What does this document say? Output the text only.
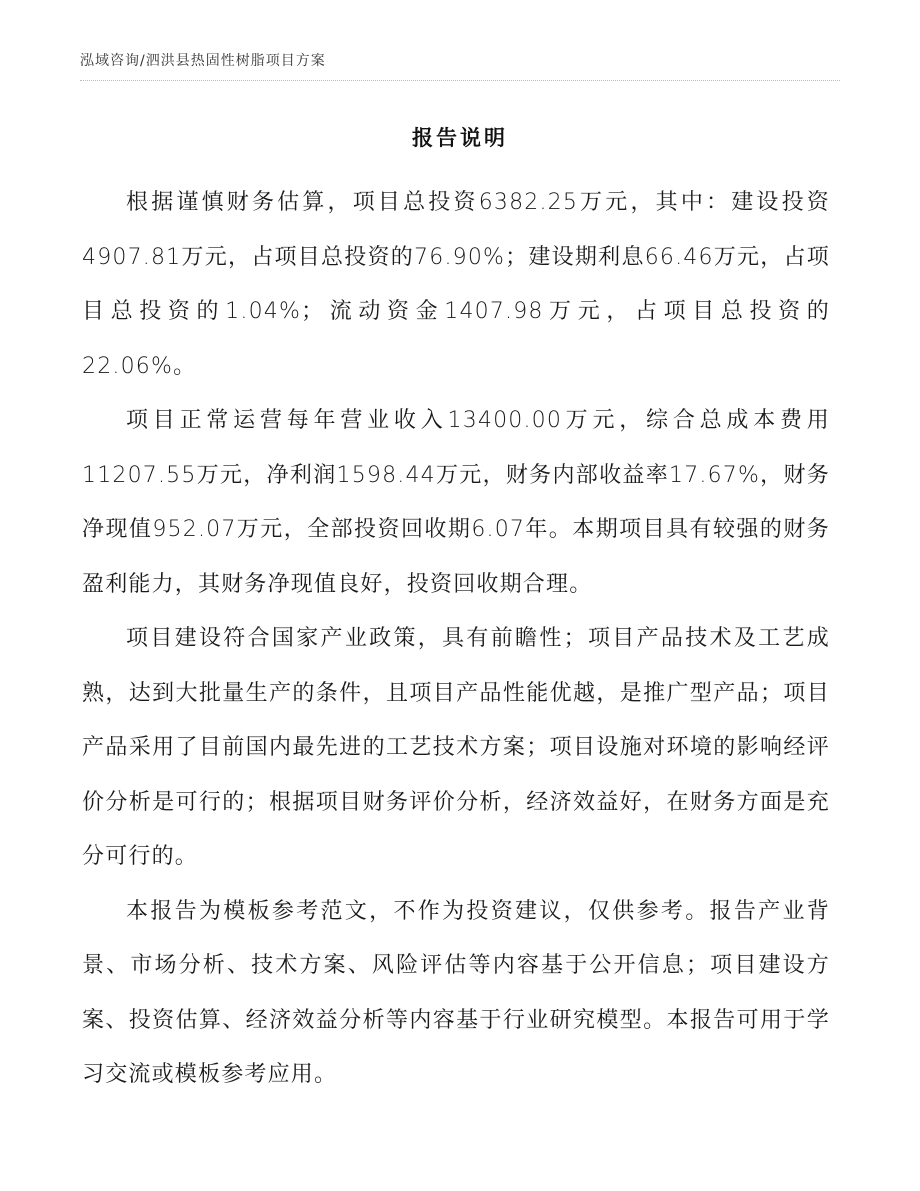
泓域咨询/泗洪县热固性树脂项目方案
报告说明

根据谨慎财务估算，项目总投资6382.25万元，其中：建设投资4907.81万元，占项目总投资的76.90%；建设期利息66.46万元，占项目总投资的1.04%；流动资金1407.98万元，占项目总投资的22.06%。

项目正常运营每年营业收入13400.00万元，综合总成本费用11207.55万元，净利润1598.44万元，财务内部收益率17.67%，财务净现值952.07万元，全部投资回收期6.07年。本期项目具有较强的财务盈利能力，其财务净现值良好，投资回收期合理。

项目建设符合国家产业政策，具有前瞻性；项目产品技术及工艺成熟，达到大批量生产的条件，且项目产品性能优越，是推广型产品；项目产品采用了目前国内最先进的工艺技术方案；项目设施对环境的影响经评价分析是可行的；根据项目财务评价分析，经济效益好，在财务方面是充分可行的。

本报告为模板参考范文，不作为投资建议，仅供参考。报告产业背景、市场分析、技术方案、风险评估等内容基于公开信息；项目建设方案、投资估算、经济效益分析等内容基于行业研究模型。本报告可用于学习交流或模板参考应用。
